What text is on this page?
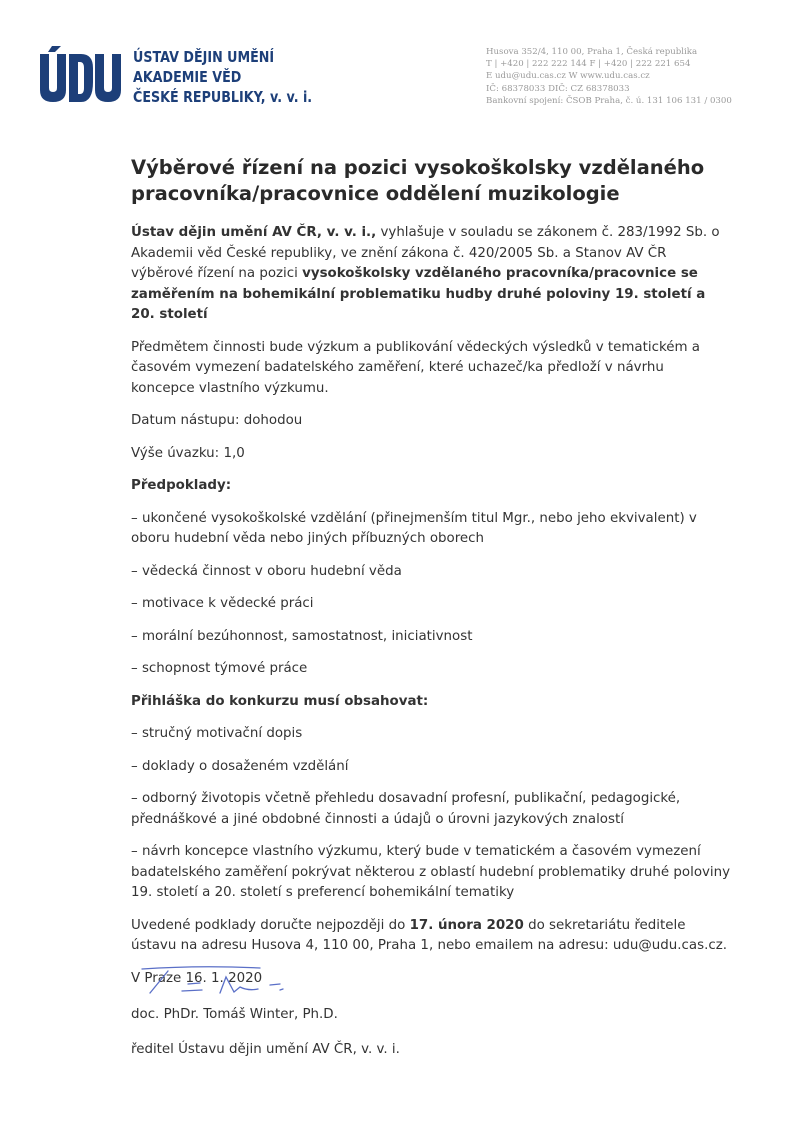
ÚSTAV DĚJIN UMĚNÍ
AKADEMIE VĚD
ČESKÉ REPUBLIKY, v. v. i.
Husova 352/4, 110 00, Praha 1, Česká republika
T | +420 | 222 222 144 F | +420 | 222 221 654
E udu@udu.cas.cz W www.udu.cas.cz
IČ: 68378033 DIČ: CZ 68378033
Bankovní spojení: ČSOB Praha, č. ú. 131 106 131 / 0300
Výběrové řízení na pozici vysokoškolsky vzdělaného pracovníka/pracovnice oddělení muzikologie

Ústav dějin umění AV ČR, v. v. i., vyhlašuje v souladu se zákonem č. 283/1992 Sb. o Akademii věd České republiky, ve znění zákona č. 420/2005 Sb. a Stanov AV ČR výběrové řízení na pozici vysokoškolsky vzdělaného pracovníka/pracovnice se zaměřením na bohemikální problematiku hudby druhé poloviny 19. století a 20. století

Předmětem činnosti bude výzkum a publikování vědeckých výsledků v tematickém a časovém vymezení badatelského zaměření, které uchazeč/ka předloží v návrhu koncepce vlastního výzkumu.

Datum nástupu: dohodou

Výše úvazku: 1,0

Předpoklady:

– ukončené vysokoškolské vzdělání (přinejmenším titul Mgr., nebo jeho ekvivalent) v oboru hudební věda nebo jiných příbuzných oborech

– vědecká činnost v oboru hudební věda

– motivace k vědecké práci

– morální bezúhonnost, samostatnost, iniciativnost

– schopnost týmové práce

Přihláška do konkurzu musí obsahovat:

– stručný motivační dopis

– doklady o dosaženém vzdělání

– odborný životopis včetně přehledu dosavadní profesní, publikační, pedagogické, přednáškové a jiné obdobné činnosti a údajů o úrovni jazykových znalostí

– návrh koncepce vlastního výzkumu, který bude v tematickém a časovém vymezení badatelského zaměření pokrývat některou z oblastí hudební problematiky druhé poloviny 19. století a 20. století s preferencí bohemikální tematiky

Uvedené podklady doručte nejpozději do 17. února 2020 do sekretariátu ředitele ústavu na adresu Husova 4, 110 00, Praha 1, nebo emailem na adresu: udu@udu.cas.cz.

V Praze 16. 1. 2020

doc. PhDr. Tomáš Winter, Ph.D.
ředitel Ústavu dějin umění AV ČR, v. v. i.
